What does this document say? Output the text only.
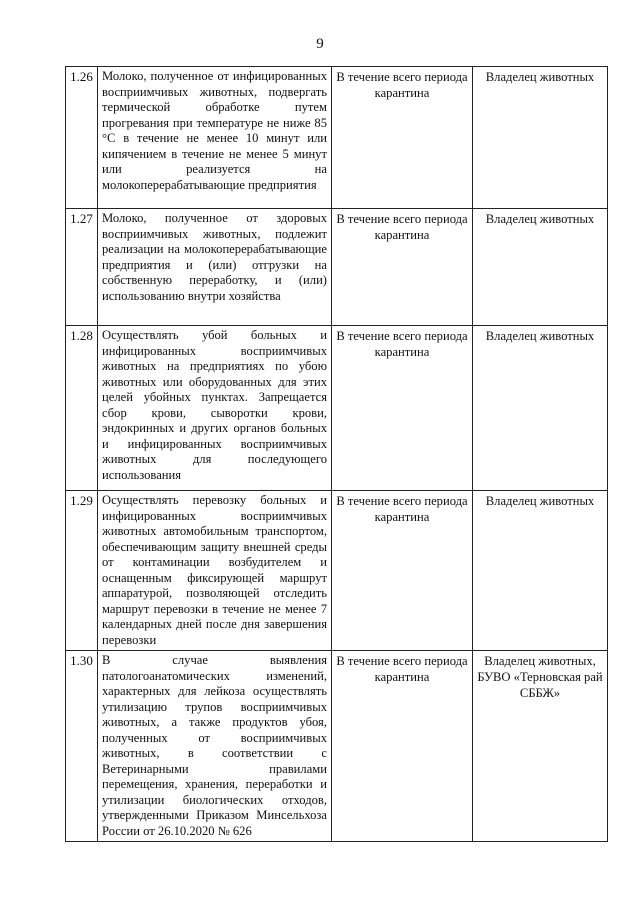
9
1.26	Молоко, полученное от инфицированных восприимчивых животных, подвергать термической обработке путем прогревания при температуре не ниже 85 °С в течение не менее 10 минут или кипячением в течение не менее 5 минут или реализуется на молокоперерабатывающие предприятия	В течение всего периода карантина	Владелец животных
1.27	Молоко, полученное от здоровых восприимчивых животных, подлежит реализации на молокоперерабатывающие предприятия и (или) отгрузки на собственную переработку, и (или) использованию внутри хозяйства	В течение всего периода карантина	Владелец животных
1.28	Осуществлять убой больных и инфицированных восприимчивых животных на предприятиях по убою животных или оборудованных для этих целей убойных пунктах. Запрещается сбор крови, сыворотки крови, эндокринных и других органов больных и инфицированных восприимчивых животных для последующего использования	В течение всего периода карантина	Владелец животных
1.29	Осуществлять перевозку больных и инфицированных восприимчивых животных автомобильным транспортом, обеспечивающим защиту внешней среды от контаминации возбудителем и оснащенным фиксирующей маршрут аппаратурой, позволяющей отследить маршрут перевозки в течение не менее 7 календарных дней после дня завершения перевозки	В течение всего периода карантина	Владелец животных
1.30	В случае выявления патологоанатомических изменений, характерных для лейкоза осуществлять утилизацию трупов восприимчивых животных, а также продуктов убоя, полученных от восприимчивых животных, в соответствии с Ветеринарными правилами перемещения, хранения, переработки и утилизации биологических отходов, утвержденными Приказом Минсельхоза России от 26.10.2020 № 626	В течение всего периода карантина	Владелец животных, БУВО «Терновская рай СББЖ»
